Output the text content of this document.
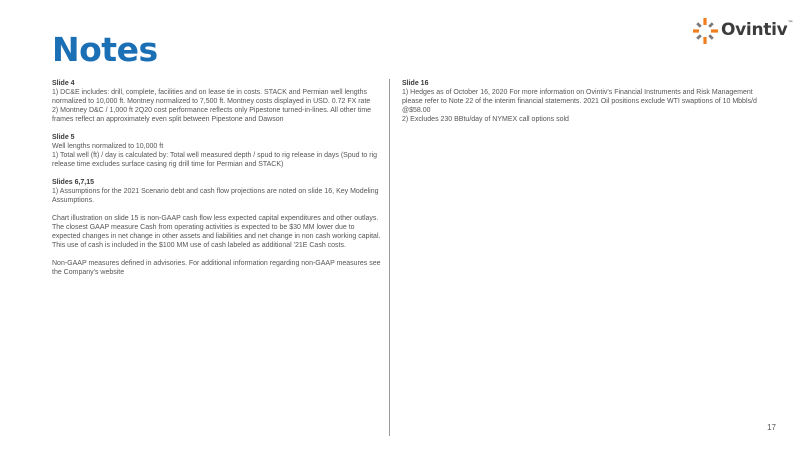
Notes	Ovintiv™
Slide 4
1) DC&E includes: drill, complete, facilities and on lease tie in costs. STACK and Permian well lengths normalized to 10,000 ft. Montney normalized to 7,500 ft. Montney costs displayed in USD. 0.72 FX rate
2) Montney D&C / 1,000 ft 2Q20 cost performance reflects only Pipestone turned-in-lines. All other time frames reflect an approximately even split between Pipestone and Dawson
Slide 5
Well lengths normalized to 10,000 ft
1) Total well (ft) / day is calculated by: Total well measured depth / spud to rig release in days (Spud to rig release time excludes surface casing rig drill time for Permian and STACK)
Slides 6,7,15
1) Assumptions for the 2021 Scenario debt and cash flow projections are noted on slide 16, Key Modeling Assumptions.
Chart illustration on slide 15 is non-GAAP cash flow less expected capital expenditures and other outlays. The closest GAAP measure Cash from operating activities is expected to be $30 MM lower due to expected changes in net change in other assets and liabilities and net change in non cash working capital. This use of cash is included in the $100 MM use of cash labeled as additional '21E Cash costs.
Non-GAAP measures defined in advisories. For additional information regarding non-GAAP measures see the Company's website
Slide 16
1) Hedges as of October 16, 2020 For more information on Ovintiv's Financial Instruments and Risk Management please refer to Note 22 of the interim financial statements. 2021 Oil positions exclude WTI swaptions of 10 Mbbls/d @$58.00
2) Excludes 230 BBtu/day of NYMEX call options sold
17
